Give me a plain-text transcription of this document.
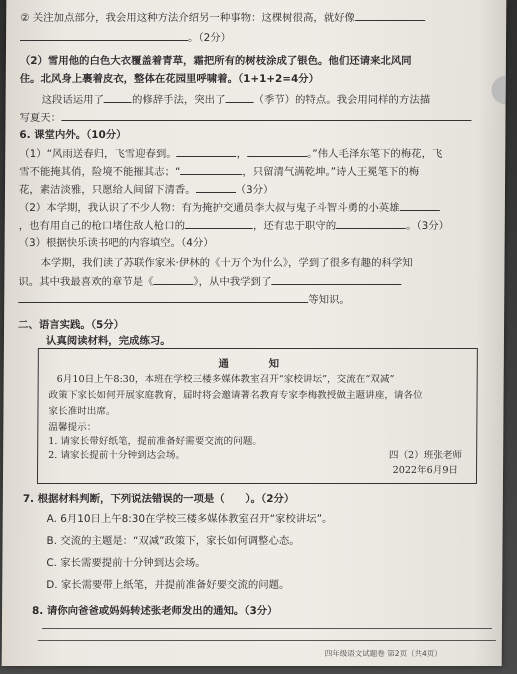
② 关注加点部分，我会用这种方法介绍另一种事物：这棵树很高，就好像
。（2分）
（2）雪用他的白色大衣覆盖着青草，霜把所有的树枝涂成了银色。他们还请来北风同
住。北风身上裹着皮衣，整体在花园里呼啸着。（1+1+2=4分）
这段话运用了	的修辞手法，突出了	（季节）的特点。我会用同样的方法描
写夏天：
6. 课堂内外。（10分）
（1）“风雨送春归，飞雪迎春到。	，	。”伟人毛泽东笔下的梅花，飞
雪不能掩其俏，险境不能摧其志；“	，只留清气满乾坤。”诗人王冕笔下的梅
花，素洁淡雅，只愿给人间留下清香。	（3分）
（2）本学期，我认识了不少人物：有为掩护交通员李大叔与鬼子斗智斗勇的小英雄
，也有用自己的枪口堵住敌人枪口的	，还有忠于职守的	。（3分）
（3）根据快乐读书吧的内容填空。（4分）
本学期，我们读了苏联作家米·伊林的《十万个为什么》，学到了很多有趣的科学知
识。其中我最喜欢的章节是《	》，从中我学到了
等知识。
二、语言实践。（5分）
认真阅读材料，完成练习。
通 知
6月10日上午8:30，本班在学校三楼多媒体教室召开“家校讲坛”，交流在“双减”
政策下家长如何开展家庭教育，届时将会邀请著名教育专家李梅教授做主题讲座，请各位
家长准时出席。
温馨提示：
1. 请家长带好纸笔，提前准备好需要交流的问题。
2. 请家长提前十分钟到达会场。	四（2）班张老师
2022年6月9日
7. 根据材料判断，下列说法错误的一项是（　　）。（2分）
A. 6月10日上午8:30在学校三楼多媒体教室召开“家校讲坛”。
B. 交流的主题是：“双减”政策下，家长如何调整心态。
C. 家长需要提前十分钟到达会场。
D. 家长需要带上纸笔，并提前准备好要交流的问题。
8. 请你向爸爸或妈妈转述张老师发出的通知。（3分）
四年级语文试题卷 第2页（共4页）
